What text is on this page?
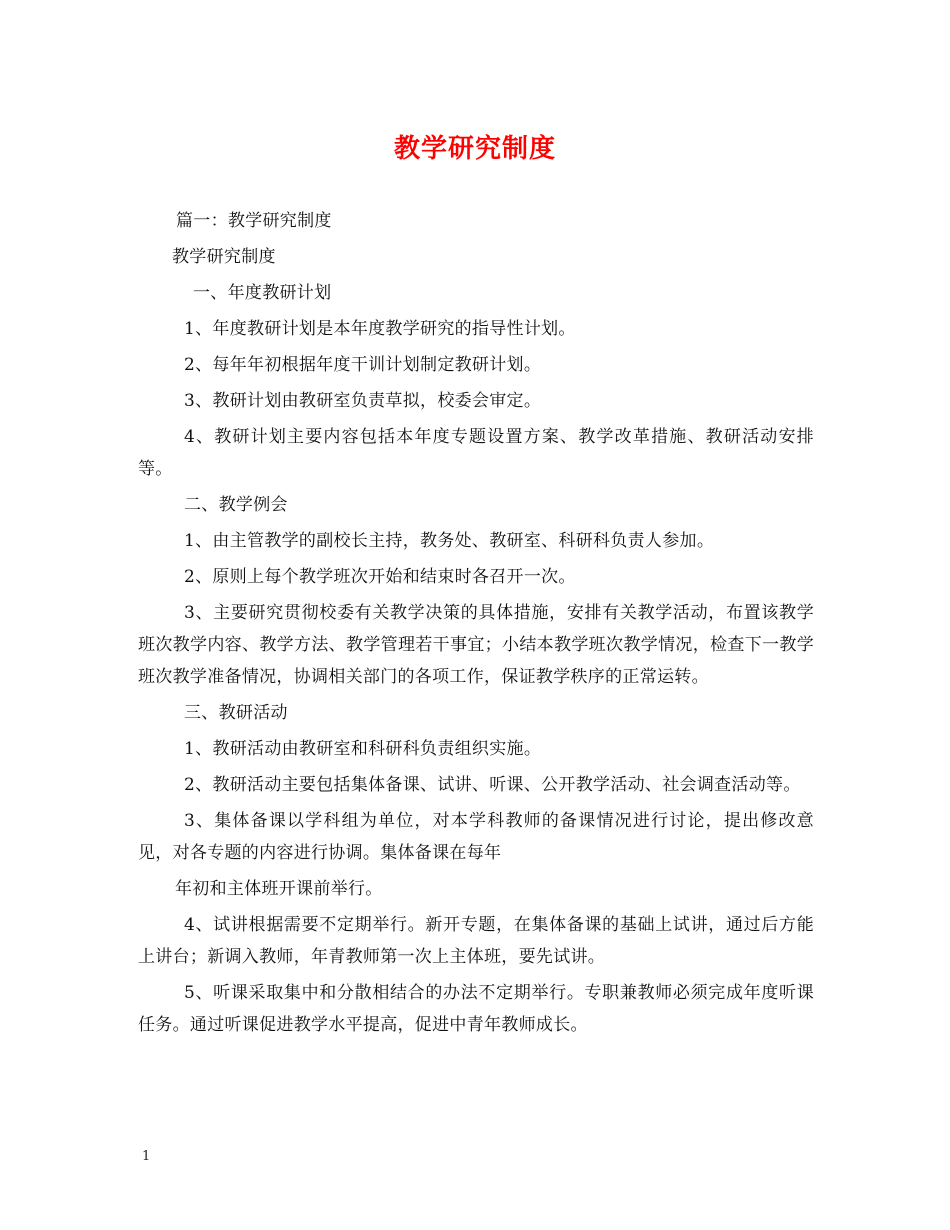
教学研究制度

篇一：教学研究制度

教学研究制度

一、年度教研计划

1、年度教研计划是本年度教学研究的指导性计划。

2、每年年初根据年度干训计划制定教研计划。

3、教研计划由教研室负责草拟，校委会审定。

4、教研计划主要内容包括本年度专题设置方案、教学改革措施、教研活动安排等。

二、教学例会

1、由主管教学的副校长主持，教务处、教研室、科研科负责人参加。

2、原则上每个教学班次开始和结束时各召开一次。

3、主要研究贯彻校委有关教学决策的具体措施，安排有关教学活动，布置该教学班次教学内容、教学方法、教学管理若干事宜；小结本教学班次教学情况，检查下一教学班次教学准备情况，协调相关部门的各项工作，保证教学秩序的正常运转。

三、教研活动

1、教研活动由教研室和科研科负责组织实施。

2、教研活动主要包括集体备课、试讲、听课、公开教学活动、社会调查活动等。

3、集体备课以学科组为单位，对本学科教师的备课情况进行讨论，提出修改意见，对各专题的内容进行协调。集体备课在每年

年初和主体班开课前举行。

4、试讲根据需要不定期举行。新开专题，在集体备课的基础上试讲，通过后方能上讲台；新调入教师，年青教师第一次上主体班，要先试讲。

5、听课采取集中和分散相结合的办法不定期举行。专职兼教师必须完成年度听课任务。通过听课促进教学水平提高，促进中青年教师成长。

1
